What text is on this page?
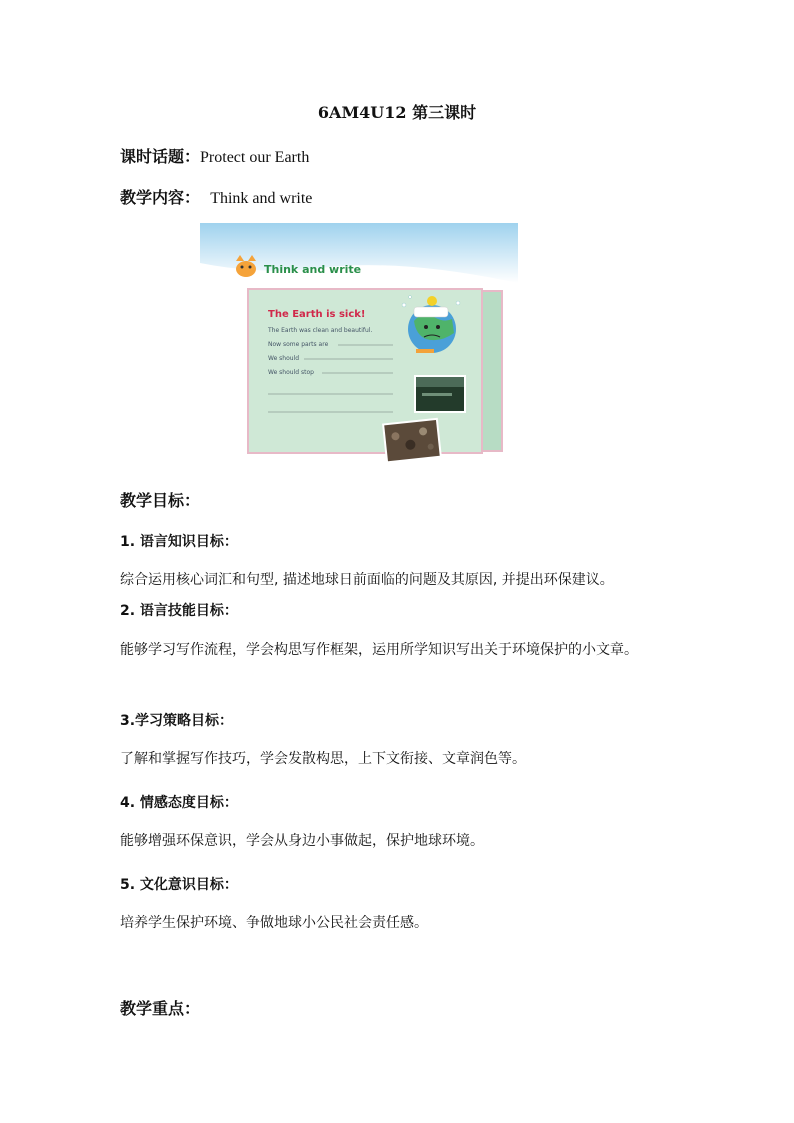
6AM4U12 第三课时
课时话题：Protect our Earth
教学内容： Think and write
Think and write
The Earth is sick!
The Earth was clean and beautiful.
Now some parts are
We should
We should stop
教学目标：
1. 语言知识目标：
综合运用核心词汇和句型, 描述地球日前面临的问题及其原因, 并提出环保建议。
2. 语言技能目标：
能够学习写作流程，学会构思写作框架，运用所学知识写出关于环境保护的小文章。
3.学习策略目标：
了解和掌握写作技巧，学会发散构思，上下文衔接、文章润色等。
4. 情感态度目标：
能够增强环保意识，学会从身边小事做起，保护地球环境。
5. 文化意识目标：
培养学生保护环境、争做地球小公民社会责任感。
教学重点：
